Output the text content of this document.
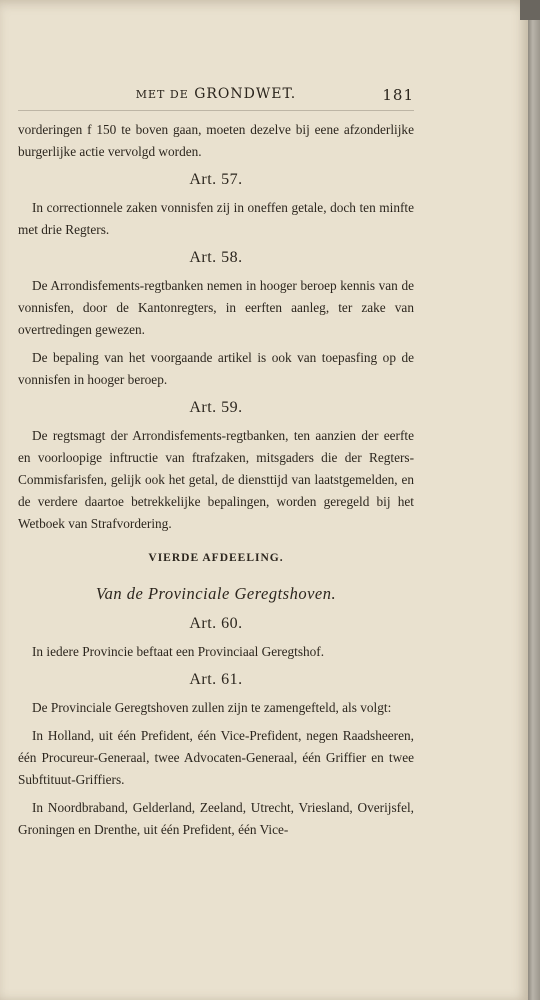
MET DE GRONDWET.	181
vorderingen f 150 te boven gaan, moeten dezelve bij eene afzonderlijke burgerlijke actie vervolgd worden.
Art. 57.
In correctionnele zaken vonnisfen zij in oneffen getale, doch ten minfte met drie Regters.
Art. 58.
De Arrondisfements-regtbanken nemen in hooger beroep kennis van de vonnisfen, door de Kantonregters, in eerften aanleg, ter zake van overtredingen gewezen.
De bepaling van het voorgaande artikel is ook van toepasfing op de vonnisfen in hooger beroep.
Art. 59.
De regtsmagt der Arrondisfements-regtbanken, ten aanzien der eerfte en voorloopige inftructie van ftrafzaken, mitsgaders die der Regters-Commisfarisfen, gelijk ook het getal, de diensttijd van laatstgemelden, en de verdere daartoe betrekkelijke bepalingen, worden geregeld bij het Wetboek van Strafvordering.
VIERDE AFDEELING.
Van de Provinciale Geregtshoven.
Art. 60.
In iedere Provincie beftaat een Provinciaal Geregtshof.
Art. 61.
De Provinciale Geregtshoven zullen zijn te zamengefteld, als volgt:
In Holland, uit één Prefident, één Vice-Prefident, negen Raadsheeren, één Procureur-Generaal, twee Advocaten-Generaal, één Griffier en twee Subftituut-Griffiers.
In Noordbraband, Gelderland, Zeeland, Utrecht, Vriesland, Overijsfel, Groningen en Drenthe, uit één Prefident, één Vice-
